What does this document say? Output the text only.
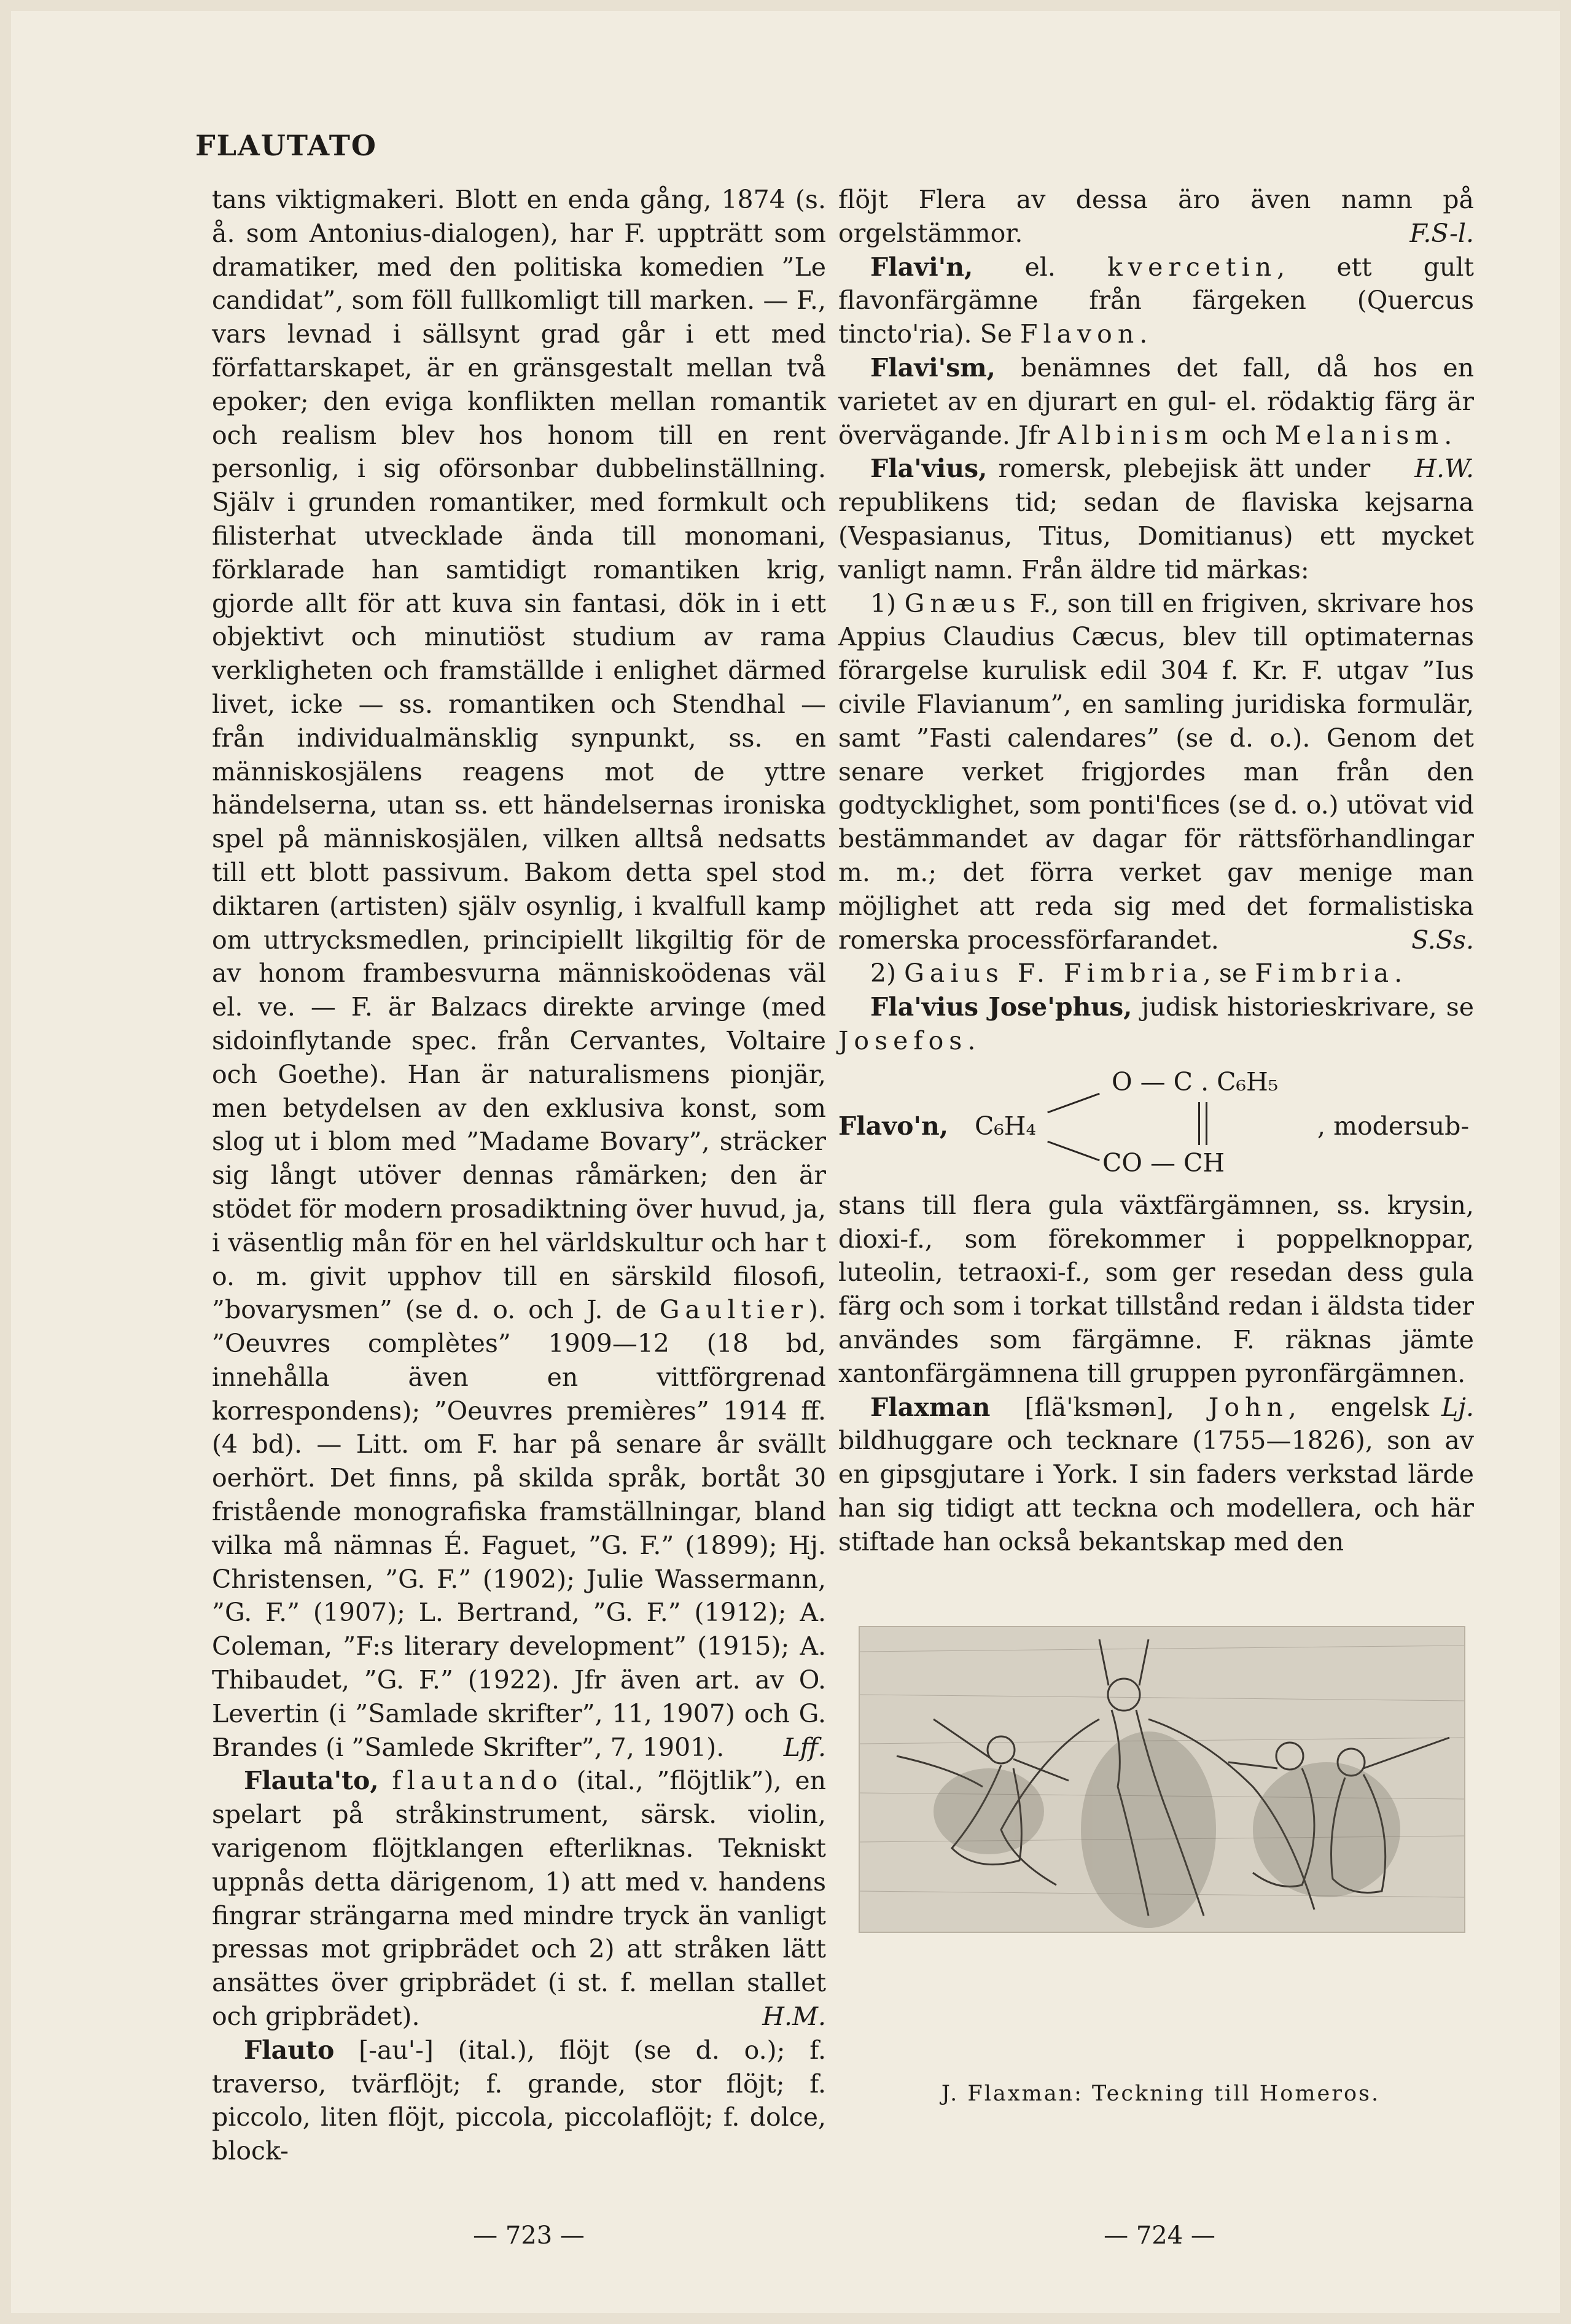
FLAUTATO

tans viktigmakeri. Blott en enda gång, 1874 (s. å. som Antonius-dialogen), har F. uppträtt som dramatiker, med den politiska komedien ”Le candidat”, som föll fullkomligt till marken. — F., vars levnad i sällsynt grad går i ett med författarskapet, är en gränsgestalt mellan två epoker; den eviga konflikten mellan romantik och realism blev hos honom till en rent personlig, i sig oförsonbar dubbelinställning. Själv i grunden romantiker, med formkult och filisterhat utvecklade ända till monomani, förklarade han samtidigt romantiken krig, gjorde allt för att kuva sin fantasi, dök in i ett objektivt och minutiöst studium av rama verkligheten och framställde i enlighet därmed livet, icke — ss. romantiken och Stendhal — från individualmänsklig synpunkt, ss. en människosjälens reagens mot de yttre händelserna, utan ss. ett händelsernas ironiska spel på människosjälen, vilken alltså nedsatts till ett blott passivum. Bakom detta spel stod diktaren (artisten) själv osynlig, i kvalfull kamp om uttrycksmedlen, principiellt likgiltig för de av honom frambesvurna människoödenas väl el. ve. — F. är Balzacs direkte arvinge (med sidoinflytande spec. från Cervantes, Voltaire och Goethe). Han är naturalismens pionjär, men betydelsen av den exklusiva konst, som slog ut i blom med ”Madame Bovary”, sträcker sig långt utöver dennas råmärken; den är stödet för modern prosadiktning över huvud, ja, i väsentlig mån för en hel världskultur och har t o. m. givit upphov till en särskild filosofi, ”bovarysmen” (se d. o. och J. de Gaultier). ”Oeuvres complètes” 1909—12 (18 bd, innehålla även en vittförgrenad korrespondens); ”Oeuvres premières” 1914 ff. (4 bd). — Litt. om F. har på senare år svällt oerhört. Det finns, på skilda språk, bortåt 30 fristående monografiska framställningar, bland vilka må nämnas É. Faguet, ”G. F.” (1899); Hj. Christensen, ”G. F.” (1902); Julie Wassermann, ”G. F.” (1907); L. Bertrand, ”G. F.” (1912); A. Coleman, ”F:s literary development” (1915); A. Thibaudet, ”G. F.” (1922). Jfr även art. av O. Levertin (i ”Samlade skrifter”, 11, 1907) och G. Brandes (i ”Samlede Skrifter”, 7, 1901). Lff.

Flauta'to, flautando (ital., ”flöjtlik”), en spelart på stråkinstrument, särsk. violin, varigenom flöjtklangen efterliknas. Tekniskt uppnås detta därigenom, 1) att med v. handens fingrar strängarna med mindre tryck än vanligt pressas mot gripbrädet och 2) att stråken lätt ansättes över gripbrädet (i st. f. mellan stallet och gripbrädet).	H.M.

Flauto [-au'-] (ital.), flöjt (se d. o.); f. traverso, tvärflöjt; f. grande, stor flöjt; f. piccolo, liten flöjt, piccola, piccolaflöjt; f. dolce, block-

flöjt Flera av dessa äro även namn på orgelstämmor.	F.S-l.

Flavi'n, el. kvercetin, ett gult flavonfärgämne från färgeken (Quercus tincto'ria). Se Flavon.

Flavi'sm, benämnes det fall, då hos en varietet av en djurart en gul- el. rödaktig färg är övervägande. Jfr Albinism och Melanism.
H.W.

Fla'vius, romersk, plebejisk ätt under republikens tid; sedan de flaviska kejsarna (Vespasianus, Titus, Domitianus) ett mycket vanligt namn. Från äldre tid märkas:

1) Gnæus F., son till en frigiven, skrivare hos Appius Claudius Cæcus, blev till optimaternas förargelse kurulisk edil 304 f. Kr. F. utgav ”Ius civile Flavianum”, en samling juridiska formulär, samt ”Fasti calendares” (se d. o.). Genom det senare verket frigjordes man från den godtycklighet, som ponti'fices (se d. o.) utövat vid bestämmandet av dagar för rättsförhandlingar m. m.; det förra verket gav menige man möjlighet att reda sig med det formalistiska romerska processförfarandet.	S.Ss.

2) Gaius F. Fimbria, se Fimbria.

Fla'vius Jose'phus, judisk historieskrivare, se Josefos.

Flavo'n, C₆H₄
O — C . C₆H₅
CO — CH
, modersub-

stans till flera gula växtfärgämnen, ss. krysin, dioxi-f., som förekommer i poppelknoppar, luteolin, tetraoxi-f., som ger resedan dess gula färg och som i torkat tillstånd redan i äldsta tider användes som färgämne. F. räknas jämte xantonfärgämnena till gruppen pyronfärgämnen.
Lj.

Flaxman [flä'ksmən], John, engelsk bildhuggare och tecknare (1755—1826), son av en gipsgjutare i York. I sin faders verkstad lärde han sig tidigt att teckna och modellera, och här stiftade han också bekantskap med den

J. Flaxman: Teckning till Homeros.
— 723 —	— 724 —
